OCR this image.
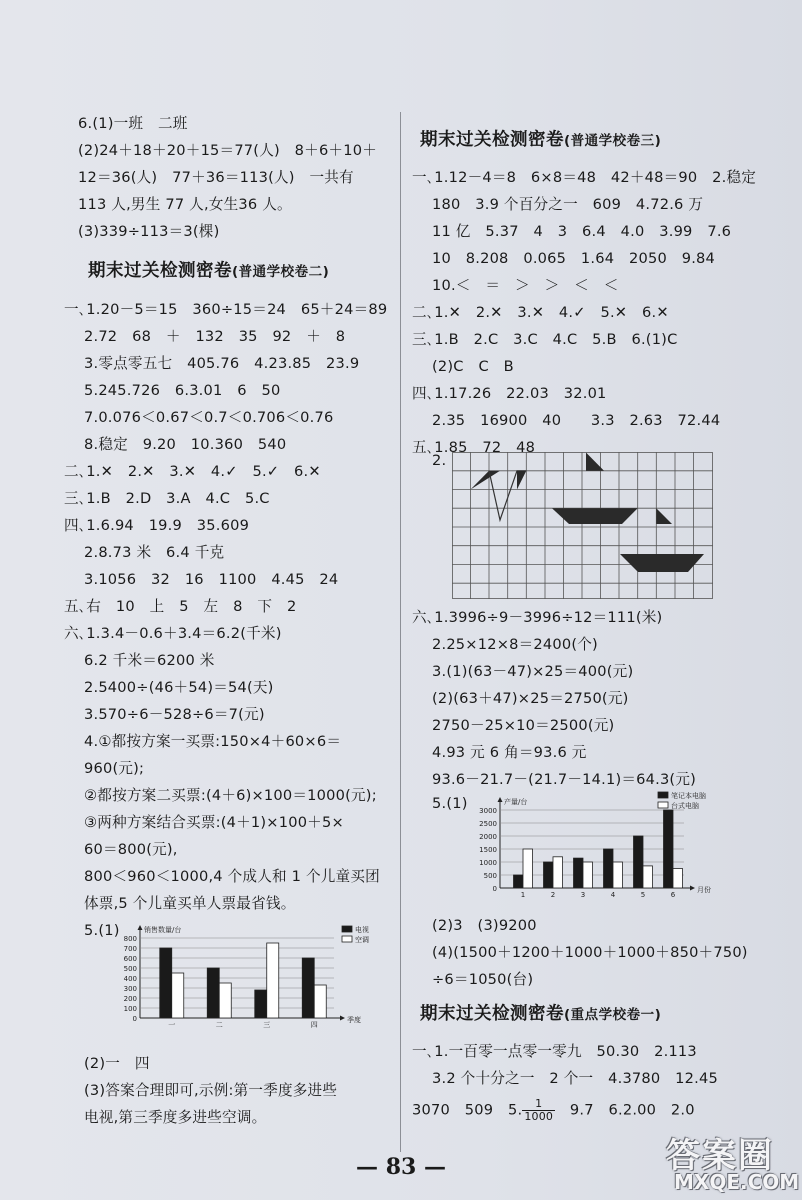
6.(1)一班　二班
(2)24＋18＋20＋15＝77(人)　8＋6＋10＋
12＝36(人)　77＋36＝113(人)　一共有
113 人,男生 77 人,女生36 人。
(3)339÷113＝3(棵)
期末过关检测密卷(普通学校卷二)
一､1.20－5＝15　360÷15＝24　65＋24＝89
2.72　68　＋　132　35　92　＋　8
3.零点零五七　405.76　4.23.85　23.9
5.245.726　6.3.01　6　50
7.0.076＜0.67＜0.7＜0.706＜0.76
8.稳定　9.20　10.360　540
二､1.✕　2.✕　3.✕　4.✓　5.✓　6.✕
三､1.B　2.D　3.A　4.C　5.C
四､1.6.94　19.9　35.609
2.8.73 米　6.4 千克
3.1056　32　16　1100　4.45　24
五､右　10　上　5　左　8　下　2
六､1.3.4－0.6＋3.4＝6.2(千米)
6.2 千米＝6200 米
2.5400÷(46＋54)＝54(天)
3.570÷6－528÷6＝7(元)
4.①都按方案一买票:150×4＋60×6＝
960(元);
②都按方案二买票:(4＋6)×100＝1000(元);
③两种方案结合买票:(4＋1)×100＋5×
60＝800(元),
800＜960＜1000,4 个成人和 1 个儿童买团
体票,5 个儿童买单人票最省钱。
5.(1)
(2)一　四
(3)答案合理即可,示例:第一季度多进些
电视,第三季度多进些空调。
0
100
200
300
400
500
600
700
800
销售数量/台
季度
一	二	三	四
电视
空调
期末过关检测密卷(普通学校卷三)
一､1.12－4＝8　6×8＝48　42＋48＝90　2.稳定
180　3.9 个百分之一　609　4.72.6 万
11 亿　5.37　4　3　6.4　4.0　3.99　7.6
10　8.208　0.065　1.64　2050　9.84
10.＜　＝　＞　＞　＜　＜
二､1.✕　2.✕　3.✕　4.✓　5.✕　6.✕
三､1.B　2.C　3.C　4.C　5.B　6.(1)C
(2)C　C　B
四､1.17.26　22.03　32.01
2.35　16900　40　　3.3　2.63　72.44
五､1.85　72　48
2.
六､1.3996÷9－3996÷12＝111(米)
2.25×12×8＝2400(个)
3.(1)(63－47)×25＝400(元)
(2)(63＋47)×25＝2750(元)
2750－25×10＝2500(元)
4.93 元 6 角＝93.6 元
93.6－21.7－(21.7－14.1)＝64.3(元)
5.(1)
(2)3　(3)9200
(4)(1500＋1200＋1000＋1000＋850＋750)
÷6＝1050(台)
期末过关检测密卷(重点学校卷一)
一､1.一百零一点零一零九　50.30　2.113
3.2 个十分之一　2 个一　4.3780　12.45
3070　509　5. $\frac{1}{1000}$ 　9.7　6.2.00　2.0
0
500
1000
1500
2000
2500
3000
产量/台
月份
1	2	3	4	5	6
笔记本电脑
台式电脑
— 83 —	答案圈
MXQE.COM
